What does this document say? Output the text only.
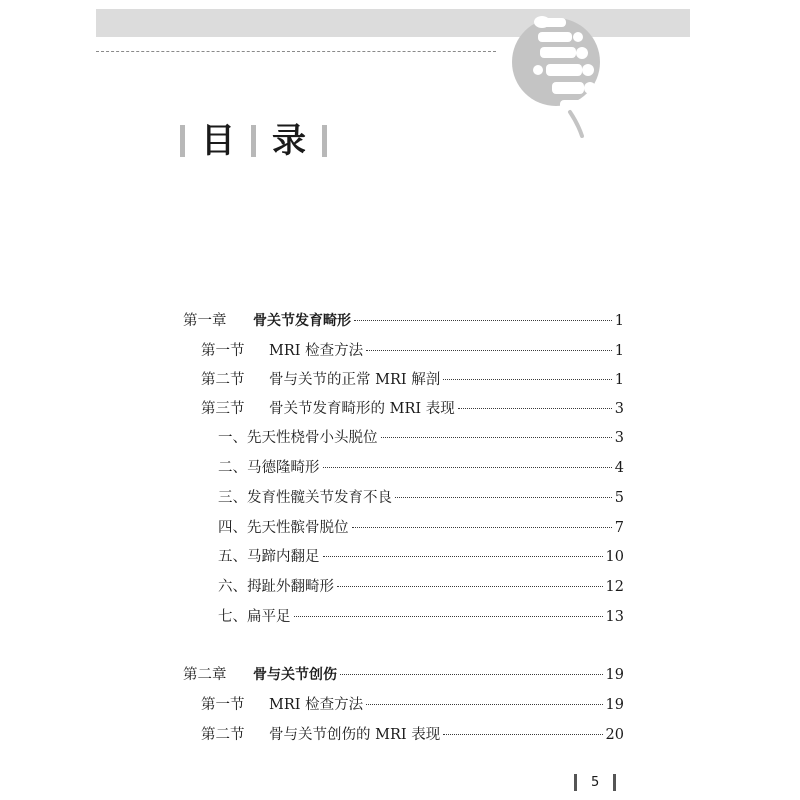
目 录
第一章	骨关节发育畸形	1
第一节	MRI 检查方法	1
第二节	骨与关节的正常 MRI 解剖	1
第三节	骨关节发育畸形的 MRI 表现	3
一、先天性桡骨小头脱位	3
二、马德隆畸形	4
三、发育性髋关节发育不良	5
四、先天性髌骨脱位	7
五、马蹄内翻足	10
六、拇趾外翻畸形	12
七、扁平足	13
第二章	骨与关节创伤	19
第一节	MRI 检查方法	19
第二节	骨与关节创伤的 MRI 表现	20
5
